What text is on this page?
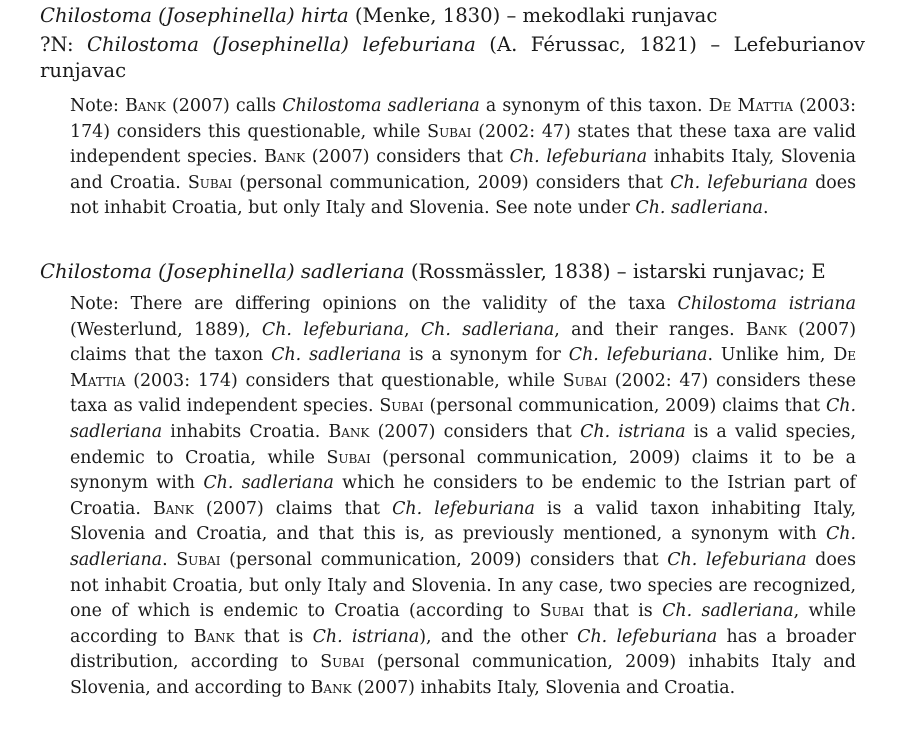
Chilostoma (Josephinella) hirta (Menke, 1830) – mekodlaki runjavac

?N: Chilostoma (Josephinella) lefeburiana (A. Férussac, 1821) – Lefeburianov runjavac

Note: Bank (2007) calls Chilostoma sadleriana a synonym of this taxon. De Mattia (2003: 174) considers this questionable, while Subai (2002: 47) states that these taxa are valid independent species. Bank (2007) considers that Ch. lefeburiana inhabits Italy, Slovenia and Croatia. Subai (personal communication, 2009) considers that Ch. lefeburiana does not inhabit Croatia, but only Italy and Slovenia. See note under Ch. sadleriana.

Chilostoma (Josephinella) sadleriana (Rossmässler, 1838) – istarski runjavac; E

Note: There are differing opinions on the validity of the taxa Chilostoma istriana (Westerlund, 1889), Ch. lefeburiana, Ch. sadleriana, and their ranges. Bank (2007) claims that the taxon Ch. sadleriana is a synonym for Ch. lefeburiana. Unlike him, De Mattia (2003: 174) considers that questionable, while Subai (2002: 47) considers these taxa as valid independent species. Subai (personal communication, 2009) claims that Ch. sadleriana inhabits Croatia. Bank (2007) considers that Ch. istriana is a valid species, endemic to Croatia, while Subai (personal communication, 2009) claims it to be a synonym with Ch. sadleriana which he considers to be endemic to the Istrian part of Croatia. Bank (2007) claims that Ch. lefeburiana is a valid taxon inhabiting Italy, Slovenia and Croatia, and that this is, as previously mentioned, a synonym with Ch. sadleriana. Subai (personal communication, 2009) considers that Ch. lefeburiana does not inhabit Croatia, but only Italy and Slovenia. In any case, two species are recognized, one of which is endemic to Croatia (according to Subai that is Ch. sadleriana, while according to Bank that is Ch. istriana), and the other Ch. lefeburiana has a broader distribution, according to Subai (personal communication, 2009) inhabits Italy and Slovenia, and according to Bank (2007) inhabits Italy, Slovenia and Croatia.
